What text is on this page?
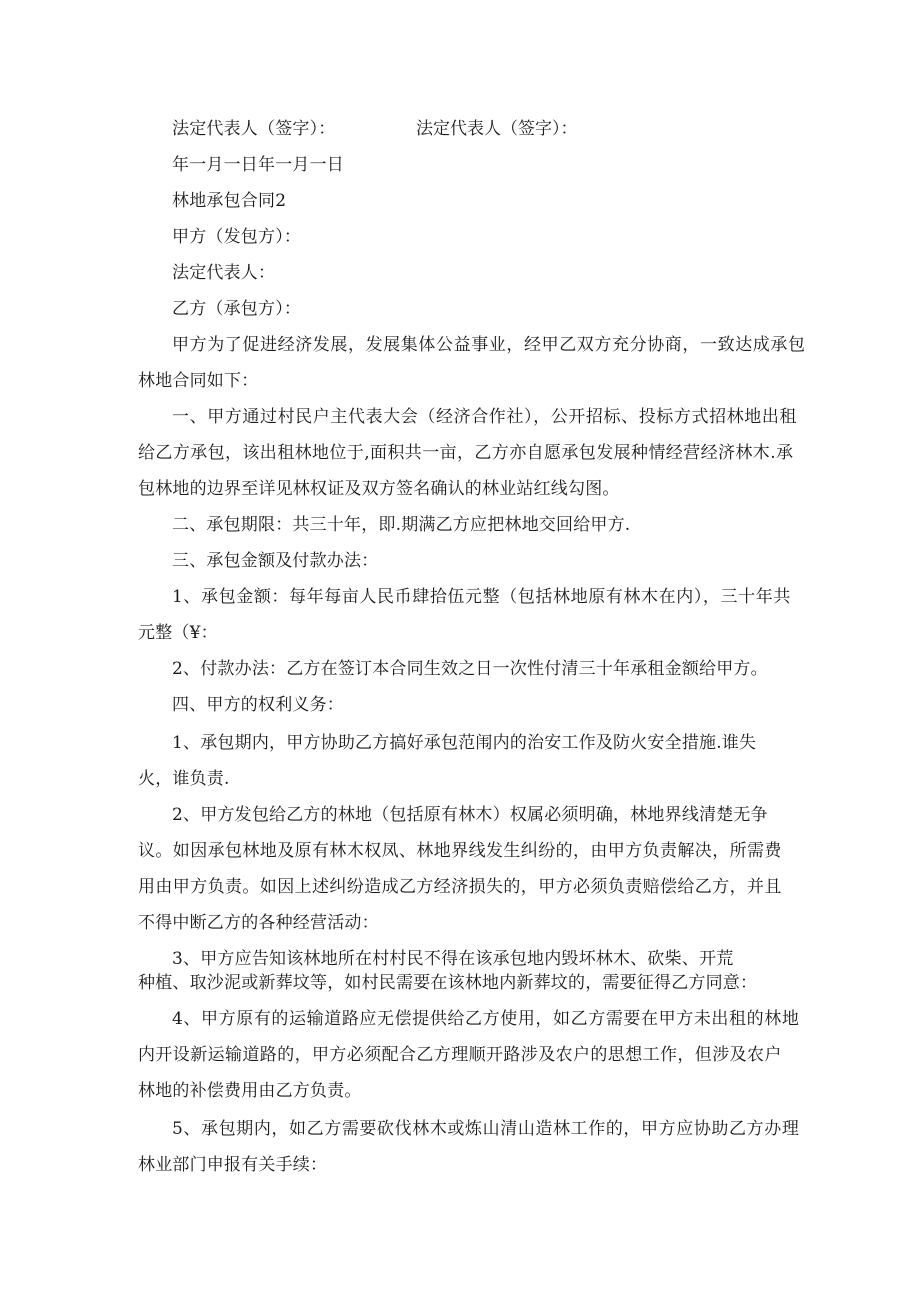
法定代表人（签字）：	法定代表人（签字）：
年一月一日年一月一日
林地承包合同2
甲方（发包方）：
法定代表人：
乙方（承包方）：
甲方为了促进经济发展，发展集体公益事业，经甲乙双方充分协商，一致达成承包
林地合同如下：
一、甲方通过村民户主代表大会（经济合作社），公开招标、投标方式招林地出租
给乙方承包，该出租林地位于,面积共一亩，乙方亦自愿承包发展种情经营经济林木.承
包林地的边界至详见林权证及双方签名确认的林业站红线勾图。
二、承包期限：共三十年，即.期满乙方应把林地交回给甲方.
三、承包金额及付款办法：
1、承包金额：每年每亩人民币肆拾伍元整（包括林地原有林木在内），三十年共
元整（¥：
2、付款办法：乙方在签订本合同生效之日一次性付清三十年承租金额给甲方。
四、甲方的权利义务：
1、承包期内，甲方协助乙方搞好承包范闱内的治安工作及防火安全措施.谁失
火，谁负责.
2、甲方发包给乙方的林地（包括原有林木）权属必须明确，林地界线清楚无争
议。如因承包林地及原有林木权凤、林地界线发生纠纷的，由甲方负责解决，所需费
用由甲方负责。如因上述纠纷造成乙方经济损失的，甲方必须负责赔偿给乙方，并且
不得中断乙方的各种经营活动：
3、甲方应告知该林地所在村村民不得在该承包地内毁坏林木、砍柴、开荒
种植、取沙泥或新葬坟等，如村民需要在该林地内新葬坟的，需要征得乙方同意：
4、甲方原有的运输道路应无偿提供给乙方使用，如乙方需要在甲方未出租的林地
内开设新运输道路的，甲方必须配合乙方理顺开路涉及农户的思想工作，但涉及农户
林地的补偿费用由乙方负责。
5、承包期内，如乙方需要砍伐林木或炼山清山造林工作的，甲方应协助乙方办理
林业部门申报有关手续：
